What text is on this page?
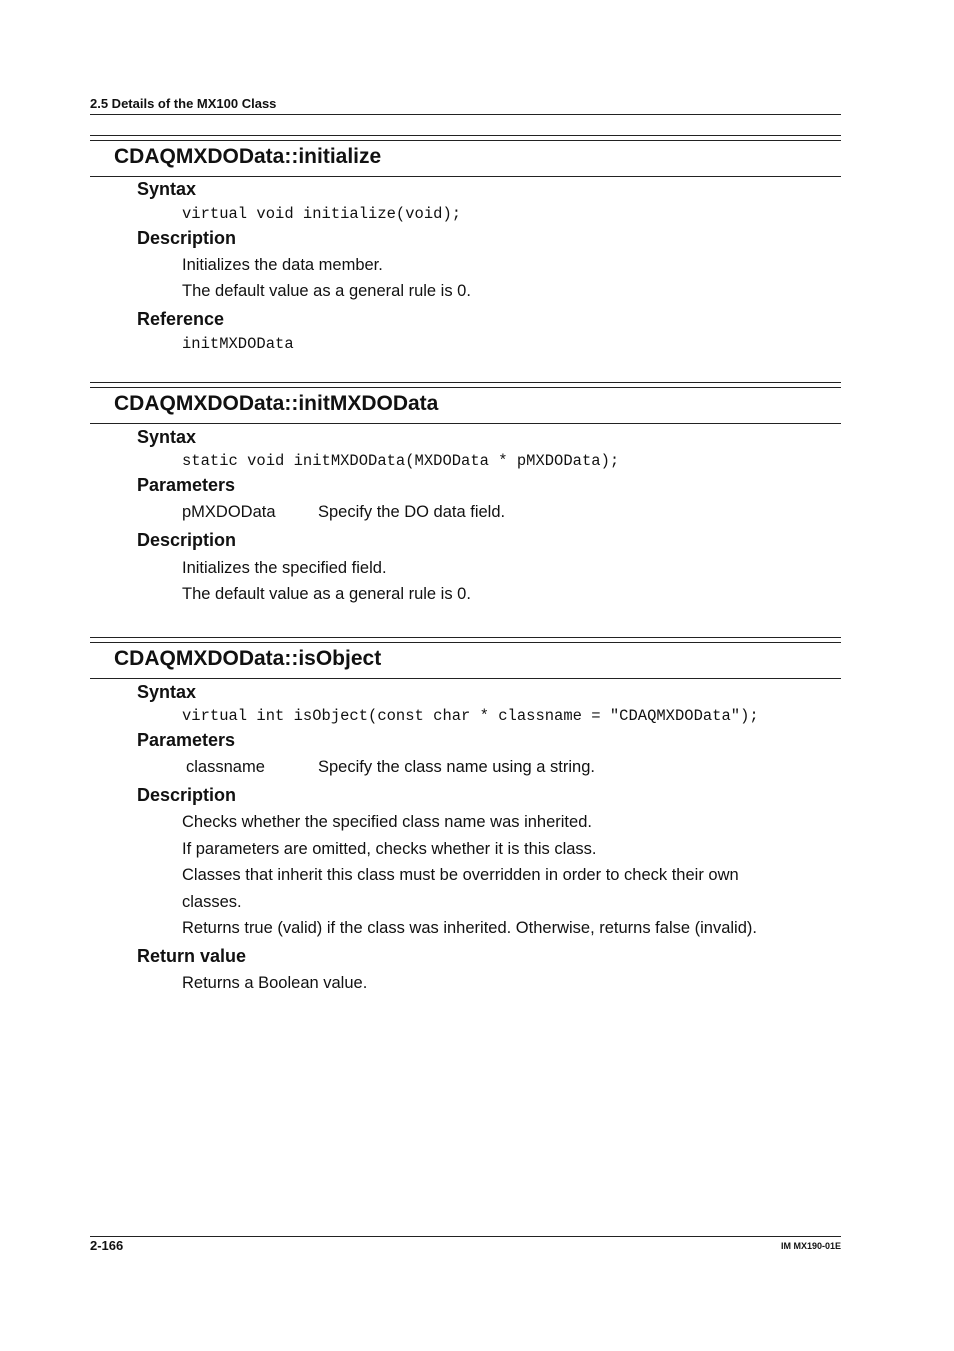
2.5 Details of the MX100 Class
CDAQMXDOData::initialize
Syntax
virtual void initialize(void);
Description
Initializes the data member.
The default value as a general rule is 0.
Reference
initMXDOData
CDAQMXDOData::initMXDOData
Syntax
static void initMXDOData(MXDOData * pMXDOData);
Parameters
pMXDOData	Specify the DO data field.
Description
Initializes the specified field.
The default value as a general rule is 0.
CDAQMXDOData::isObject
Syntax
virtual int isObject(const char * classname = "CDAQMXDOData");
Parameters
classname	Specify the class name using a string.
Description
Checks whether the specified class name was inherited.
If parameters are omitted, checks whether it is this class.
Classes that inherit this class must be overridden in order to check their own
classes.
Returns true (valid) if the class was inherited. Otherwise, returns false (invalid).
Return value
Returns a Boolean value.
2-166	IM MX190-01E
